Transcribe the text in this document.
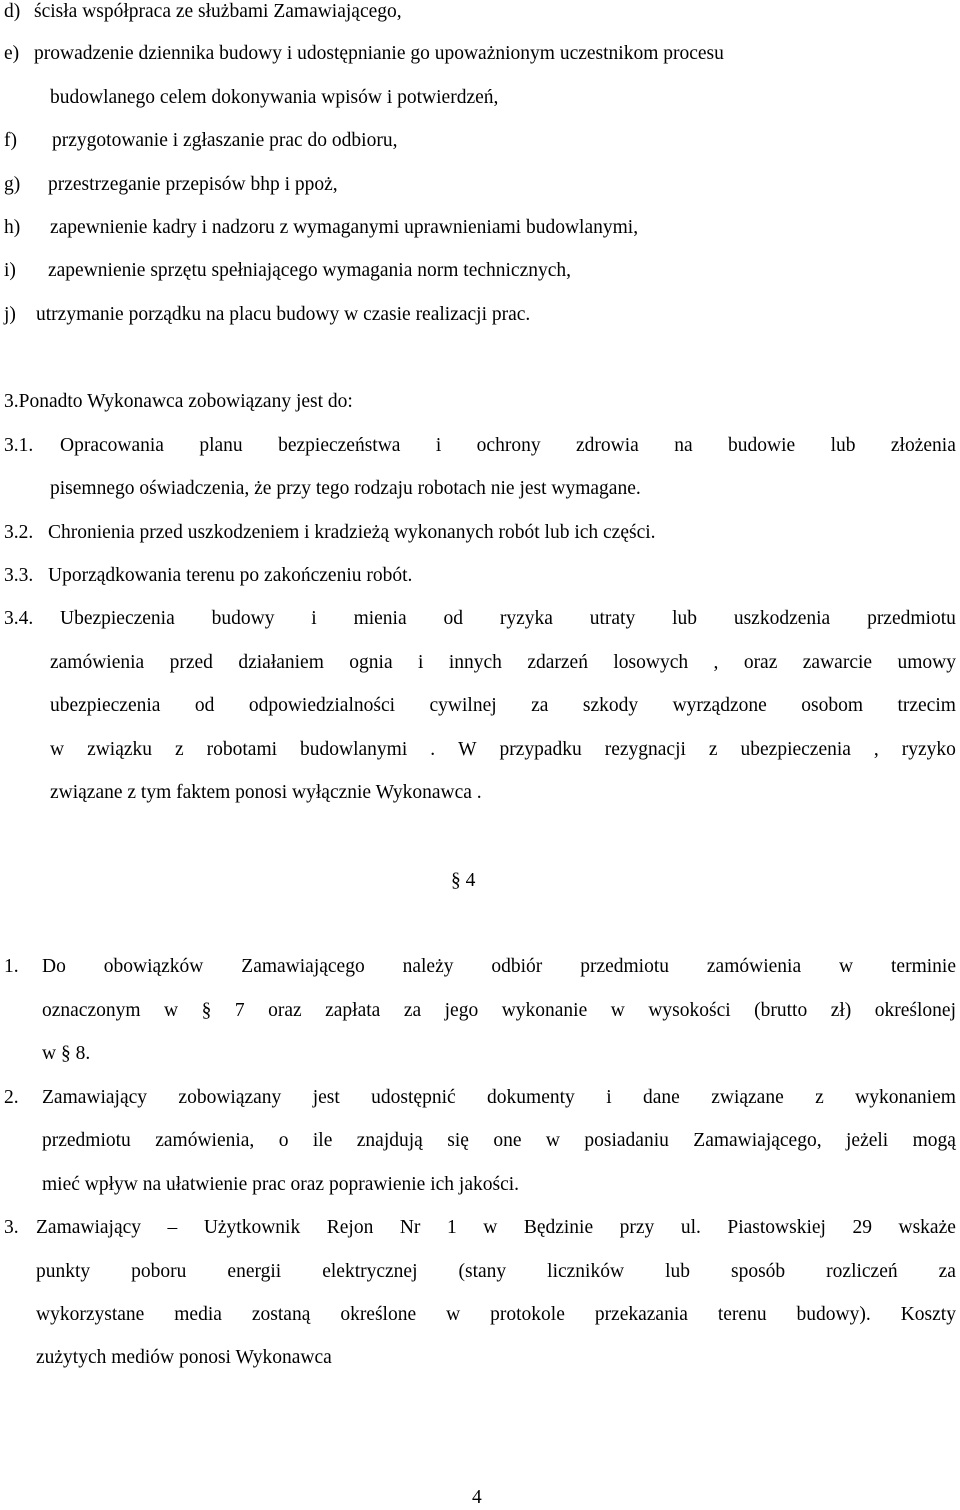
d) ścisła współpraca ze służbami Zamawiającego,
e) prowadzenie dziennika budowy i udostępnianie go upoważnionym uczestnikom procesu
budowlanego celem dokonywania wpisów i potwierdzeń,
f) przygotowanie i zgłaszanie prac do odbioru,
g) przestrzeganie przepisów bhp i ppoż,
h) zapewnienie kadry i nadzoru z wymaganymi uprawnieniami budowlanymi,
i) zapewnienie sprzętu spełniającego wymagania norm technicznych,
j) utrzymanie porządku na placu budowy w czasie realizacji prac.
3.Ponadto Wykonawca zobowiązany jest do:
3.1. Opracowania planu bezpieczeństwa i ochrony zdrowia na budowie lub złożenia
pisemnego oświadczenia, że przy tego rodzaju robotach nie jest wymagane.
3.2. Chronienia przed uszkodzeniem i kradzieżą wykonanych robót lub ich części.
3.3. Uporządkowania terenu po zakończeniu robót.
3.4. Ubezpieczenia budowy i mienia od ryzyka utraty lub uszkodzenia przedmiotu
zamówienia przed działaniem ognia i innych zdarzeń losowych , oraz zawarcie umowy
ubezpieczenia od odpowiedzialności cywilnej za szkody wyrządzone osobom trzecim
w związku z robotami budowlanymi . W przypadku rezygnacji z ubezpieczenia , ryzyko
związane z tym faktem ponosi wyłącznie Wykonawca .
§ 4
1. Do obowiązków Zamawiającego należy odbiór przedmiotu zamówienia w terminie
oznaczonym w § 7 oraz zapłata za jego wykonanie w wysokości (brutto zł) określonej
w § 8.
2. Zamawiający zobowiązany jest udostępnić dokumenty i dane związane z wykonaniem
przedmiotu zamówienia, o ile znajdują się one w posiadaniu Zamawiającego, jeżeli mogą
mieć wpływ na ułatwienie prac oraz poprawienie ich jakości.
3. Zamawiający – Użytkownik Rejon Nr 1 w Będzinie przy ul. Piastowskiej 29 wskaże
punkty poboru energii elektrycznej (stany liczników lub sposób rozliczeń za
wykorzystane media zostaną określone w protokole przekazania terenu budowy). Koszty
zużytych mediów ponosi Wykonawca
4
